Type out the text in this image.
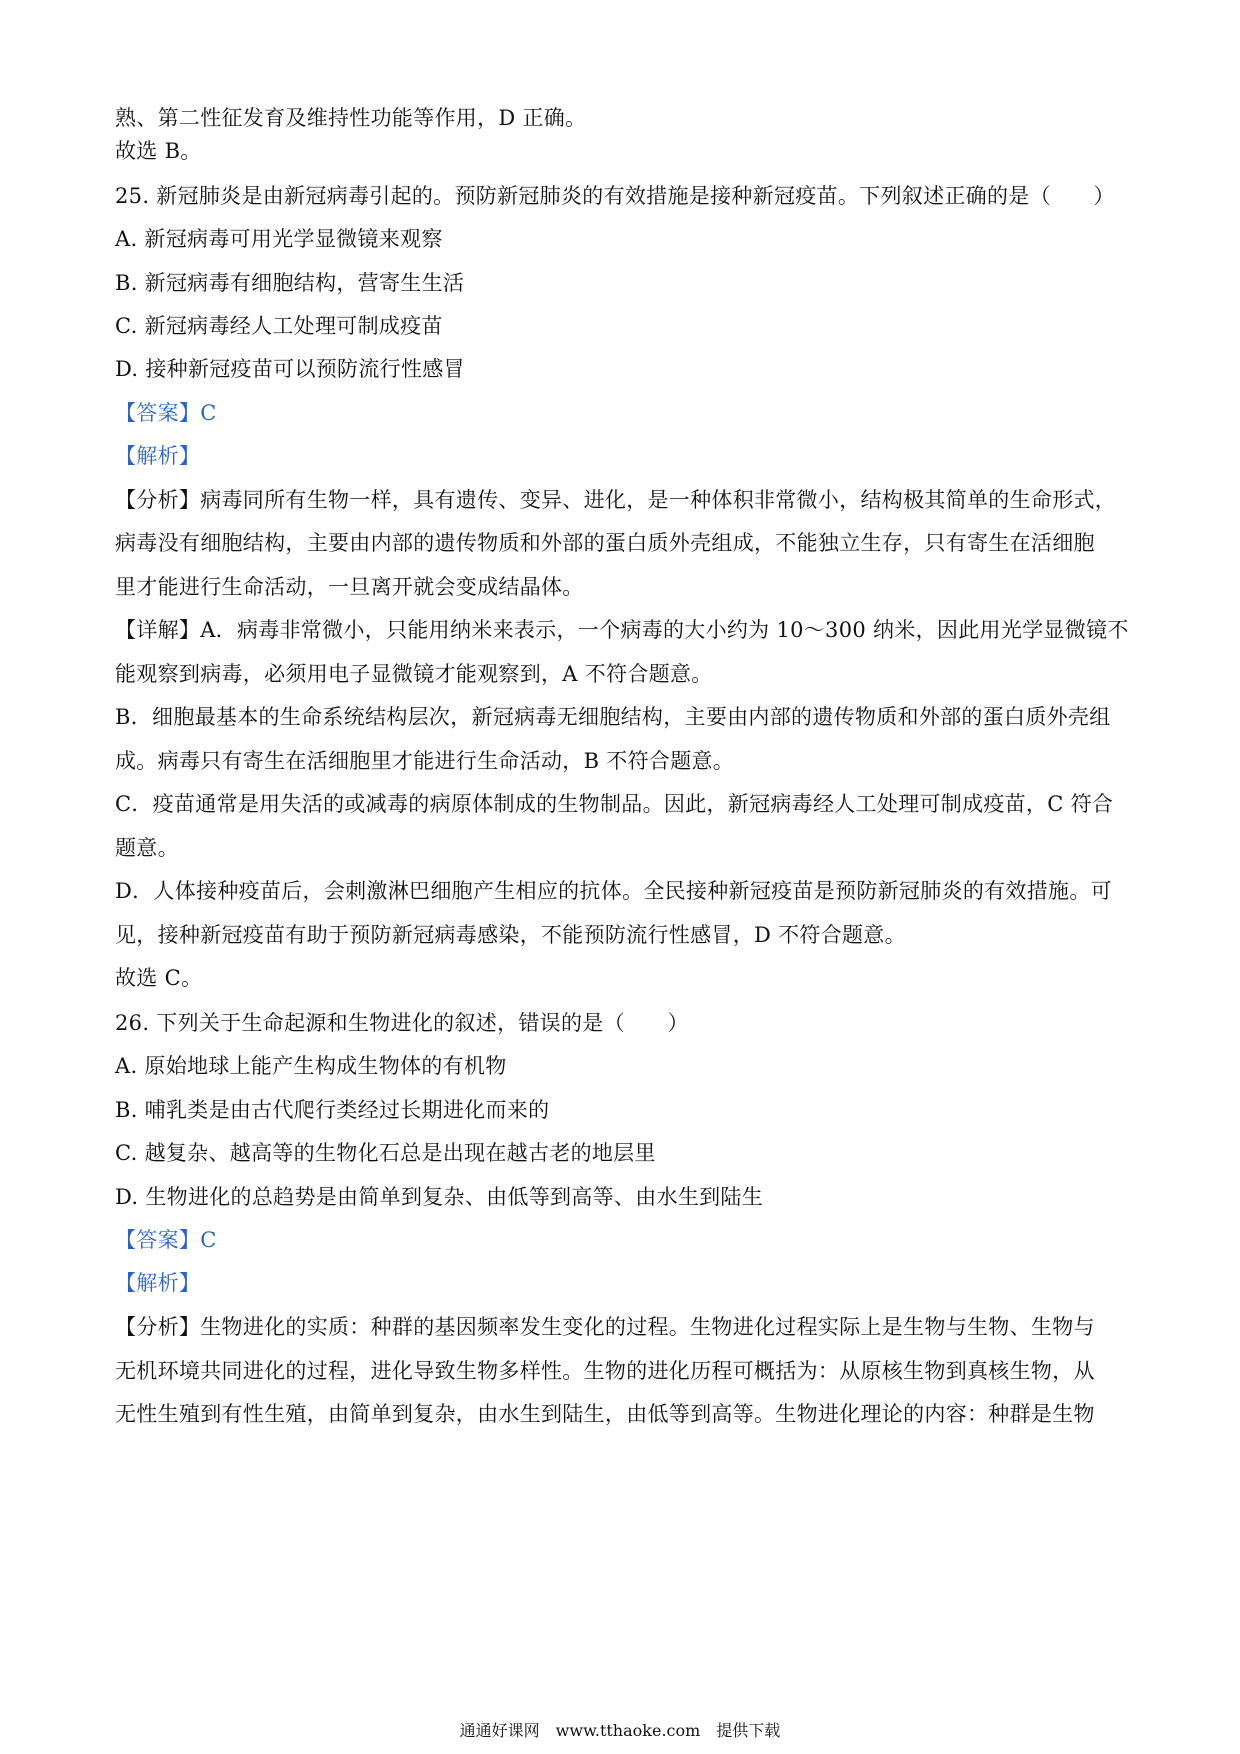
熟、第二性征发育及维持性功能等作用，D 正确。
故选 B。
25. 新冠肺炎是由新冠病毒引起的。预防新冠肺炎的有效措施是接种新冠疫苗。下列叙述正确的是（　　）
A. 新冠病毒可用光学显微镜来观察
B. 新冠病毒有细胞结构，营寄生生活
C. 新冠病毒经人工处理可制成疫苗
D. 接种新冠疫苗可以预防流行性感冒
【答案】C
【解析】
【分析】病毒同所有生物一样，具有遗传、变异、进化，是一种体积非常微小，结构极其简单的生命形式，
病毒没有细胞结构，主要由内部的遗传物质和外部的蛋白质外壳组成，不能独立生存，只有寄生在活细胞
里才能进行生命活动，一旦离开就会变成结晶体。
【详解】A．病毒非常微小，只能用纳米来表示，一个病毒的大小约为 10～300 纳米，因此用光学显微镜不
能观察到病毒，必须用电子显微镜才能观察到，A 不符合题意。
B．细胞最基本的生命系统结构层次，新冠病毒无细胞结构，主要由内部的遗传物质和外部的蛋白质外壳组
成。病毒只有寄生在活细胞里才能进行生命活动，B 不符合题意。
C．疫苗通常是用失活的或减毒的病原体制成的生物制品。因此，新冠病毒经人工处理可制成疫苗，C 符合
题意。
D．人体接种疫苗后，会刺激淋巴细胞产生相应的抗体。全民接种新冠疫苗是预防新冠肺炎的有效措施。可
见，接种新冠疫苗有助于预防新冠病毒感染，不能预防流行性感冒，D 不符合题意。
故选 C。
26. 下列关于生命起源和生物进化的叙述，错误的是（　　）
A. 原始地球上能产生构成生物体的有机物
B. 哺乳类是由古代爬行类经过长期进化而来的
C. 越复杂、越高等的生物化石总是出现在越古老的地层里
D. 生物进化的总趋势是由简单到复杂、由低等到高等、由水生到陆生
【答案】C
【解析】
【分析】生物进化的实质：种群的基因频率发生变化的过程。生物进化过程实际上是生物与生物、生物与
无机环境共同进化的过程，进化导致生物多样性。生物的进化历程可概括为：从原核生物到真核生物，从
无性生殖到有性生殖，由简单到复杂，由水生到陆生，由低等到高等。生物进化理论的内容：种群是生物
通通好课网　www.tthaoke.com　提供下载
